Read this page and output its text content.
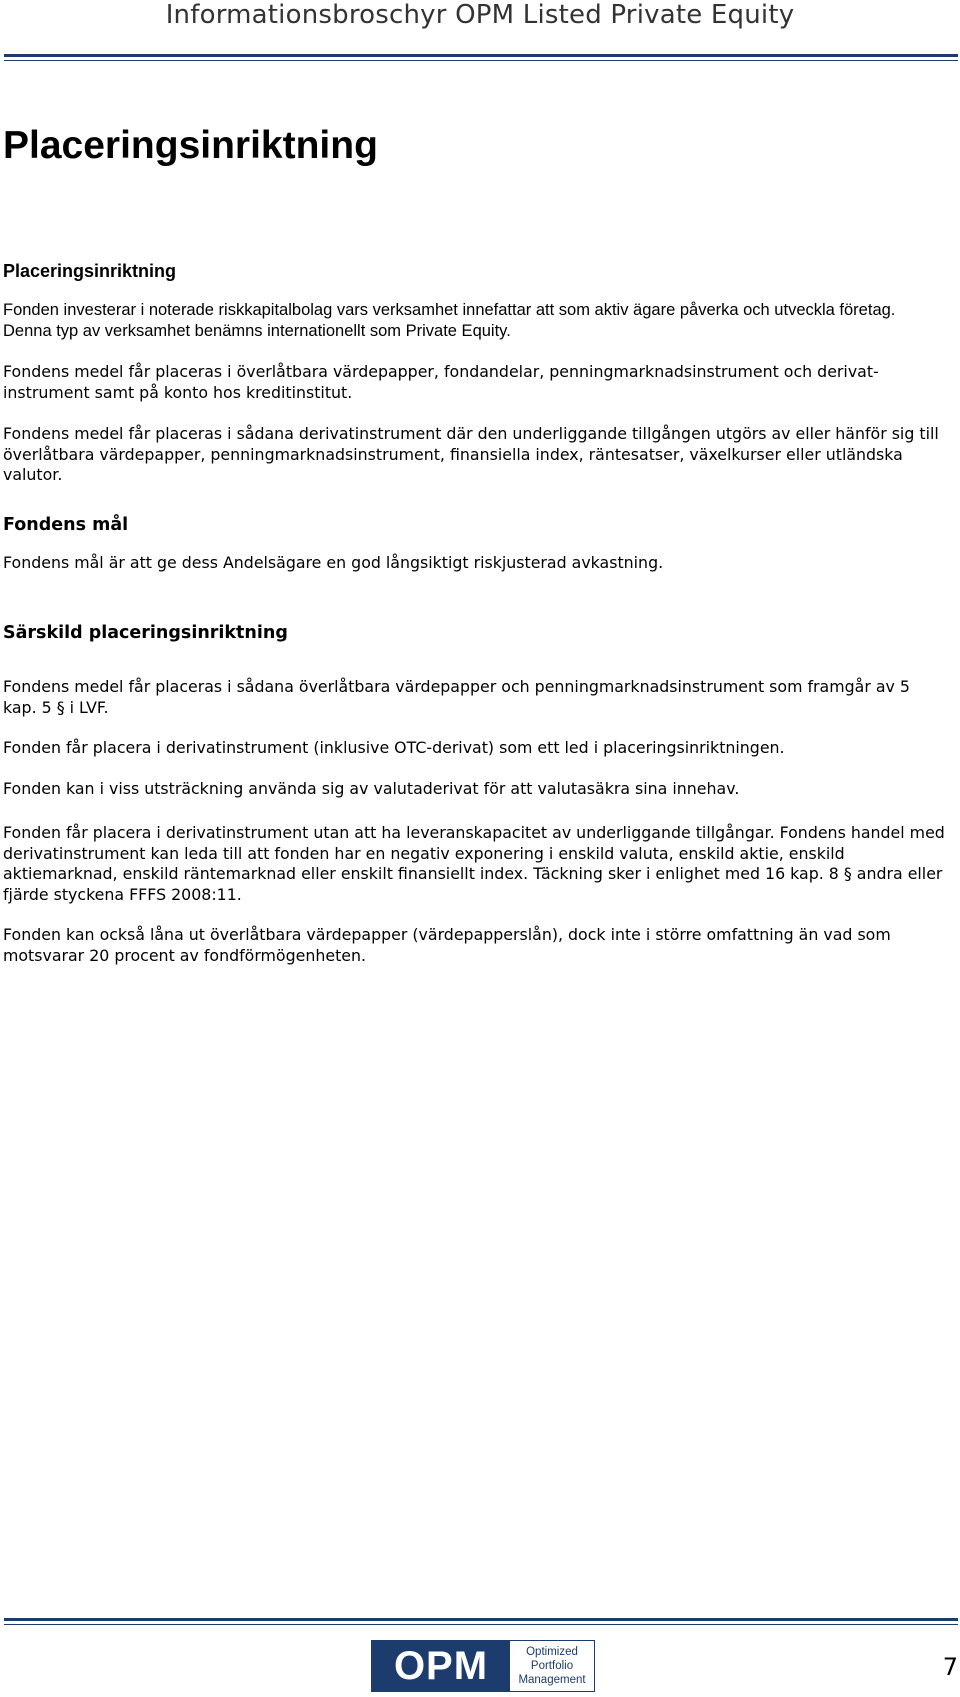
Informationsbroschyr OPM Listed Private Equity
Placeringsinriktning
Placeringsinriktning

Fonden investerar i noterade riskkapitalbolag vars verksamhet innefattar att som aktiv ägare påverka och utveckla företag. Denna typ av verksamhet benämns internationellt som Private Equity.

Fondens medel får placeras i överlåtbara värdepapper, fondandelar, penningmarknadsinstrument och derivat-instrument samt på konto hos kreditinstitut.

Fondens medel får placeras i sådana derivatinstrument där den underliggande tillgången utgörs av eller hänför sig till överlåtbara värdepapper, penningmarknadsinstrument, finansiella index, räntesatser, växelkurser eller utländska valutor.

Fondens mål

Fondens mål är att ge dess Andelsägare en god långsiktigt riskjusterad avkastning.

Särskild placeringsinriktning

Fondens medel får placeras i sådana överlåtbara värdepapper och penningmarknadsinstrument som framgår av 5 kap. 5 § i LVF.

Fonden får placera i derivatinstrument (inklusive OTC-derivat) som ett led i placeringsinriktningen.

Fonden kan i viss utsträckning använda sig av valutaderivat för att valutasäkra sina innehav.

Fonden får placera i derivatinstrument utan att ha leveranskapacitet av underliggande tillgångar. Fondens handel med derivatinstrument kan leda till att fonden har en negativ exponering i enskild valuta, enskild aktie, enskild aktiemarknad, enskild räntemarknad eller enskilt finansiellt index. Täckning sker i enlighet med 16 kap. 8 § andra eller fjärde styckena FFFS 2008:11.

Fonden kan också låna ut överlåtbara värdepapper (värdepapperslån), dock inte i större omfattning än vad som motsvarar 20 procent av fondförmögenheten.

OPM	Optimized
Portfolio
Management	7
